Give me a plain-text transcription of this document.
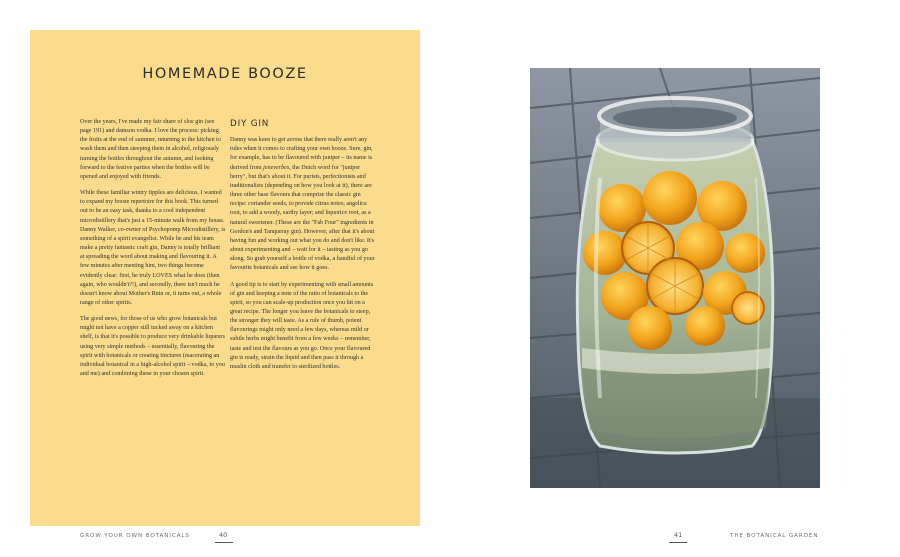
HOMEMADE BOOZE

Over the years, I've made my fair share of sloe gin (see page 191) and damson vodka. I love the process: picking the fruits at the end of summer, returning to the kitchen to wash them and then steeping them in alcohol, religiously turning the bottles throughout the autumn, and looking forward to the festive parties when the bottles will be opened and enjoyed with friends.

While these familiar wintry tipples are delicious, I wanted to expand my booze repertoire for this book. This turned out to be an easy task, thanks to a cool independent microdistillery that's just a 15-minute walk from my house. Danny Walker, co-owner of Psychopomp Microdistillery, is something of a spirit evangelist. While he and his team make a pretty fantastic craft gin, Danny is totally brilliant at spreading the word about making and flavouring it. A few minutes after meeting him, two things become evidently clear: first, he truly LOVES what he does (then again, who wouldn't?!), and secondly, there isn't much he doesn't know about Mother's Ruin or, it turns out, a whole range of other spirits.

The good news, for those of us who grow botanicals but might not have a copper still tucked away on a kitchen shelf, is that it's possible to produce very drinkable liqueurs using very simple methods – essentially, flavouring the spirit with botanicals or creating tinctures (macerating an individual botanical in a high-alcohol spirit – vodka, to you and me) and combining these in your chosen spirit.

DIY GIN

Danny was keen to get across that there really aren't any rules when it comes to crafting your own booze. Sure, gin, for example, has to be flavoured with juniper – its name is derived from jeneverbes, the Dutch word for "juniper berry", but that's about it. For purists, perfectionists and traditionalists (depending on how you look at it), there are three other base flavours that comprise the classic gin recipe: coriander seeds, to provide citrus notes; angelica root, to add a woody, earthy layer; and liquorice root, as a natural sweetener. (These are the "Fab Four" ingredients in Gordon's and Tanqueray gin). However, after that it's about having fun and working out what you do and don't like. It's about experimenting and – wait for it – tasting as you go along. So grab yourself a bottle of vodka, a handful of your favourite botanicals and see how it goes.

A good tip is to start by experimenting with small amounts of gin and keeping a note of the ratio of botanicals to the spirit, so you can scale-up production once you hit on a great recipe. The longer you leave the botanicals to steep, the stronger they will taste. As a rule of thumb, potent flavourings might only need a few days, whereas mild or subtle herbs might benefit from a few weeks – remember, taste and test the flavours as you go. Once your flavoured gin is ready, strain the liquid and then pass it through a muslin cloth and transfer to sterilized bottles.

GROW YOUR OWN BOTANICALS	40	41	THE BOTANICAL GARDEN
